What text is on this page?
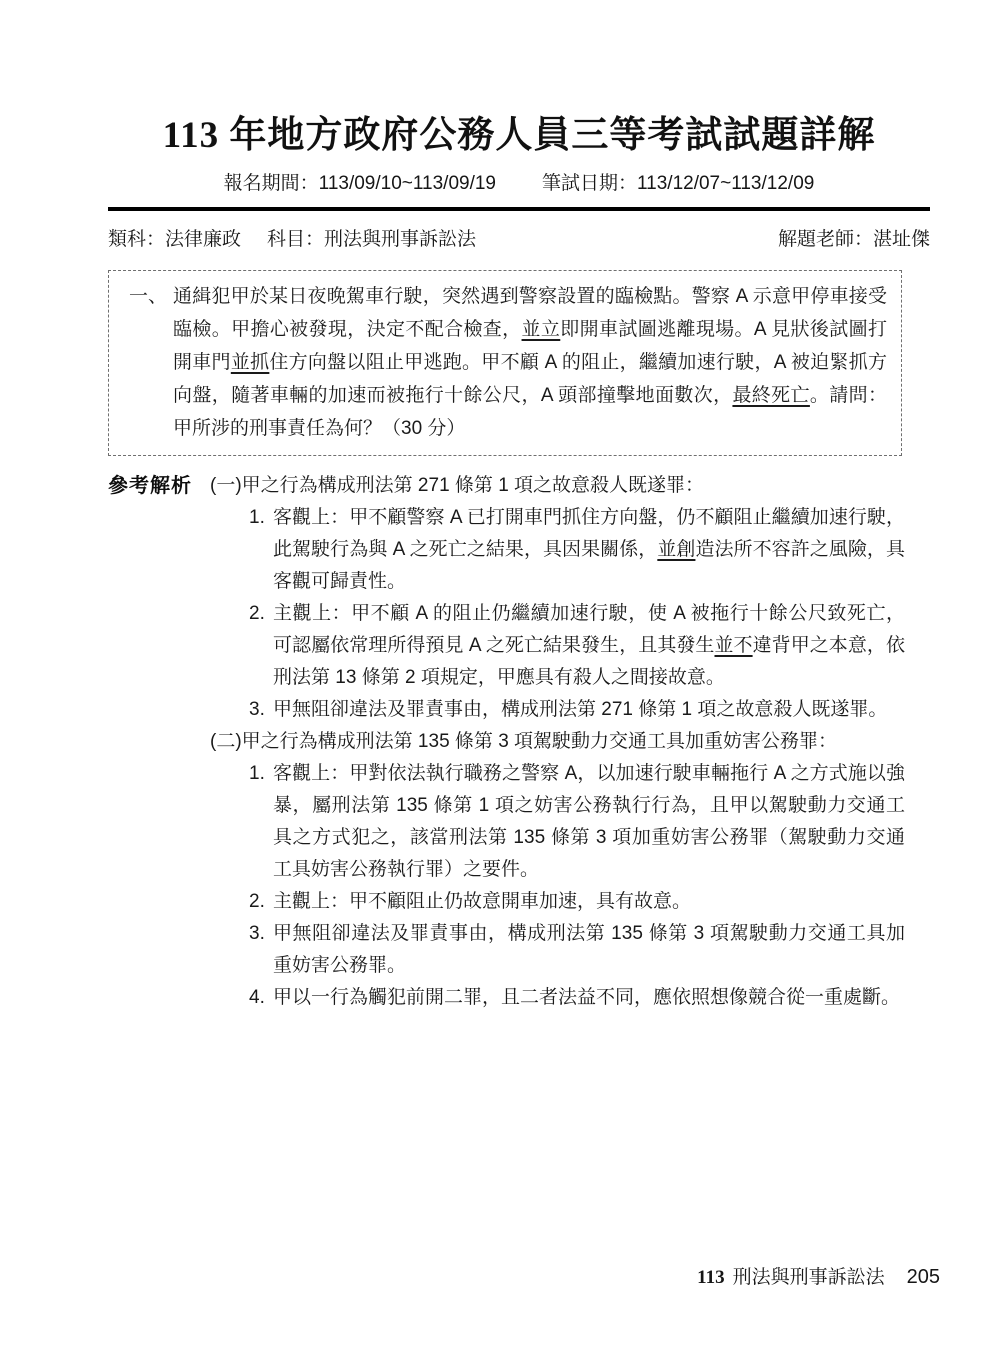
113 年地方政府公務人員三等考試試題詳解
報名期間：113/09/10~113/09/19 筆試日期：113/12/07~113/12/09
類科：法律廉政 科目：刑法與刑事訴訟法	解題老師：湛址傑
一、 通緝犯甲於某日夜晚駕車行駛，突然遇到警察設置的臨檢點。警察 A 示意甲停車接受臨檢。甲擔心被發現，決定不配合檢查，並立即開車試圖逃離現場。A 見狀後試圖打開車門並抓住方向盤以阻止甲逃跑。甲不顧 A 的阻止，繼續加速行駛，A 被迫緊抓方向盤，隨著車輛的加速而被拖行十餘公尺，A 頭部撞擊地面數次，最終死亡。請問：甲所涉的刑事責任為何？（30 分）
參考解析 (一) 甲之行為構成刑法第 271 條第 1 項之故意殺人既遂罪：
1. 客觀上：甲不顧警察 A 已打開車門抓住方向盤，仍不顧阻止繼續加速行駛，此駕駛行為與 A 之死亡之結果，具因果關係，並創造法所不容許之風險，具客觀可歸責性。
2. 主觀上：甲不顧 A 的阻止仍繼續加速行駛，使 A 被拖行十餘公尺致死亡，可認屬依常理所得預見 A 之死亡結果發生，且其發生並不違背甲之本意，依刑法第 13 條第 2 項規定，甲應具有殺人之間接故意。
3. 甲無阻卻違法及罪責事由，構成刑法第 271 條第 1 項之故意殺人既遂罪。
(二) 甲之行為構成刑法第 135 條第 3 項駕駛動力交通工具加重妨害公務罪：
1. 客觀上：甲對依法執行職務之警察 A，以加速行駛車輛拖行 A 之方式施以強暴，屬刑法第 135 條第 1 項之妨害公務執行行為，且甲以駕駛動力交通工具之方式犯之，該當刑法第 135 條第 3 項加重妨害公務罪（駕駛動力交通工具妨害公務執行罪）之要件。
2. 主觀上：甲不顧阻止仍故意開車加速，具有故意。
3. 甲無阻卻違法及罪責事由，構成刑法第 135 條第 3 項駕駛動力交通工具加重妨害公務罪。
4. 甲以一行為觸犯前開二罪，且二者法益不同，應依照想像競合從一重處斷。
113 刑法與刑事訴訟法 205
